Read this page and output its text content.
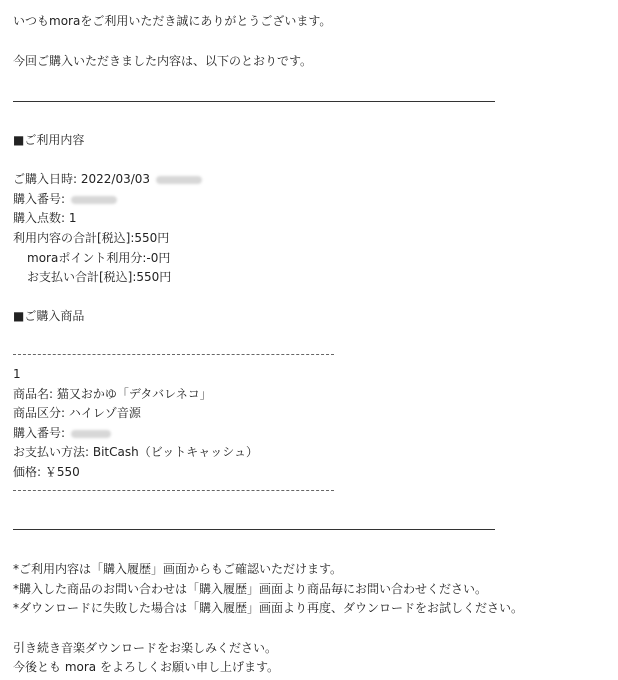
いつもmoraをご利用いただき誠にありがとうございます。
今回ご購入いただきました内容は、以下のとおりです。
■ご利用内容
ご購入日時: 2022/03/03
購入番号:
購入点数: 1
利用内容の合計[税込]:550円
moraポイント利用分:-0円
お支払い合計[税込]:550円
■ご購入商品
1
商品名: 猫又おかゆ「デタバレネコ」
商品区分: ハイレゾ音源
購入番号:
お支払い方法: BitCash（ビットキャッシュ）
価格: ￥550
*ご利用内容は「購入履歴」画面からもご確認いただけます。
*購入した商品のお問い合わせは「購入履歴」画面より商品毎にお問い合わせください。
*ダウンロードに失敗した場合は「購入履歴」画面より再度、ダウンロードをお試しください。
引き続き音楽ダウンロードをお楽しみください。
今後とも mora をよろしくお願い申し上げます。
